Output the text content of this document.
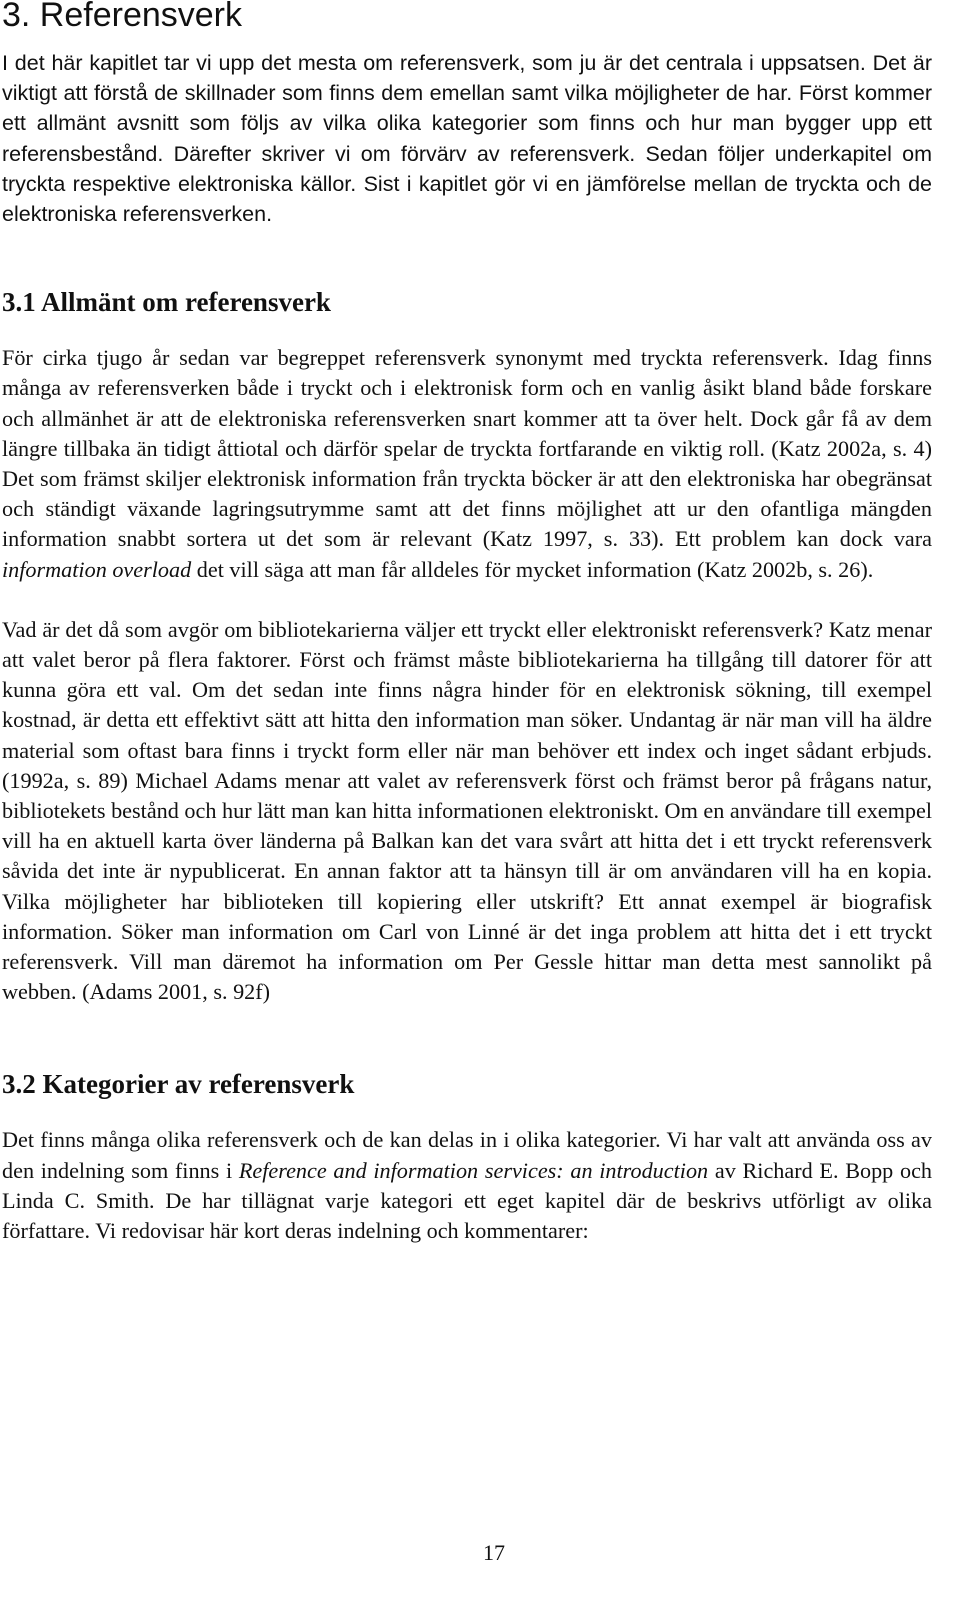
3. Referensverk

I det här kapitlet tar vi upp det mesta om referensverk, som ju är det centrala i uppsatsen. Det är viktigt att förstå de skillnader som finns dem emellan samt vilka möjligheter de har. Först kommer ett allmänt avsnitt som följs av vilka olika kategorier som finns och hur man bygger upp ett referensbestånd. Därefter skriver vi om förvärv av referensverk. Sedan följer underkapitel om tryckta respektive elektroniska källor. Sist i kapitlet gör vi en jämförelse mellan de tryckta och de elektroniska referensverken.

3.1 Allmänt om referensverk

För cirka tjugo år sedan var begreppet referensverk synonymt med tryckta referensverk. Idag finns många av referensverken både i tryckt och i elektronisk form och en vanlig åsikt bland både forskare och allmänhet är att de elektroniska referensverken snart kommer att ta över helt. Dock går få av dem längre tillbaka än tidigt åttiotal och därför spelar de tryckta fortfarande en viktig roll. (Katz 2002a, s. 4) Det som främst skiljer elektronisk information från tryckta böcker är att den elektroniska har obegränsat och ständigt växande lagringsutrymme samt att det finns möjlighet att ur den ofantliga mängden information snabbt sortera ut det som är relevant (Katz 1997, s. 33). Ett problem kan dock vara information overload det vill säga att man får alldeles för mycket information (Katz 2002b, s. 26).

Vad är det då som avgör om bibliotekarierna väljer ett tryckt eller elektroniskt referensverk? Katz menar att valet beror på flera faktorer. Först och främst måste bibliotekarierna ha tillgång till datorer för att kunna göra ett val. Om det sedan inte finns några hinder för en elektronisk sökning, till exempel kostnad, är detta ett effektivt sätt att hitta den information man söker. Undantag är när man vill ha äldre material som oftast bara finns i tryckt form eller när man behöver ett index och inget sådant erbjuds. (1992a, s. 89) Michael Adams menar att valet av referensverk först och främst beror på frågans natur, bibliotekets bestånd och hur lätt man kan hitta informationen elektroniskt. Om en användare till exempel vill ha en aktuell karta över länderna på Balkan kan det vara svårt att hitta det i ett tryckt referensverk såvida det inte är nypublicerat. En annan faktor att ta hänsyn till är om användaren vill ha en kopia. Vilka möjligheter har biblioteken till kopiering eller utskrift? Ett annat exempel är biografisk information. Söker man information om Carl von Linné är det inga problem att hitta det i ett tryckt referensverk. Vill man däremot ha information om Per Gessle hittar man detta mest sannolikt på webben. (Adams 2001, s. 92f)

3.2 Kategorier av referensverk

Det finns många olika referensverk och de kan delas in i olika kategorier. Vi har valt att använda oss av den indelning som finns i Reference and information services: an introduction av Richard E. Bopp och Linda C. Smith. De har tillägnat varje kategori ett eget kapitel där de beskrivs utförligt av olika författare. Vi redovisar här kort deras indelning och kommentarer:

17
